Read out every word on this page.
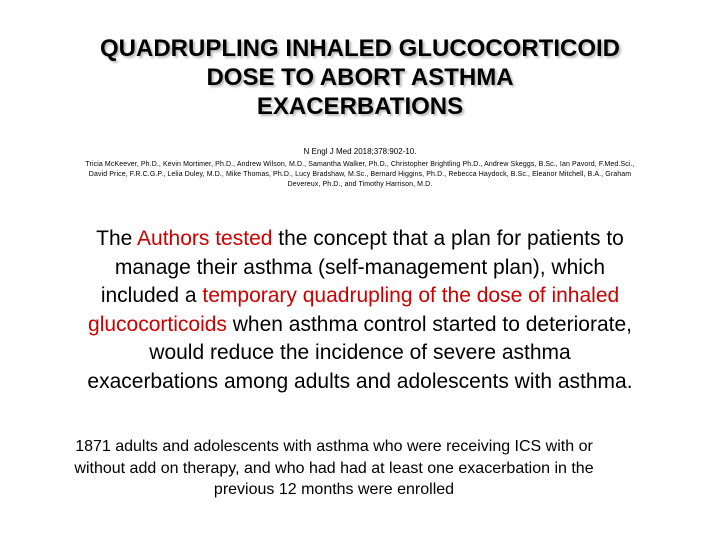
QUADRUPLING INHALED GLUCOCORTICOID
DOSE TO ABORT ASTHMA
EXACERBATIONS
N Engl J Med 2018;378:902-10.
Tricia McKeever, Ph.D., Kevin Mortimer, Ph.D., Andrew Wilson, M.D., Samantha Walker, Ph.D., Christopher Brightling Ph.D., Andrew Skeggs, B.Sc., Ian Pavord, F.Med.Sci.,
David Price, F.R.C.G.P., Lelia Duley, M.D., Mike Thomas, Ph.D., Lucy Bradshaw, M.Sc., Bernard Higgins, Ph.D., Rebecca Haydock, B.Sc., Eleanor Mitchell, B.A., Graham
Devereux, Ph.D., and Timothy Harrison, M.D.
The Authors tested the concept that a plan for patients to
manage their asthma (self-management plan), which
included a temporary quadrupling of the dose of inhaled
glucocorticoids when asthma control started to deteriorate,
would reduce the incidence of severe asthma
exacerbations among adults and adolescents with asthma.
1871 adults and adolescents with asthma who were receiving ICS with or
without add on therapy, and who had had at least one exacerbation in the
previous 12 months were enrolled
